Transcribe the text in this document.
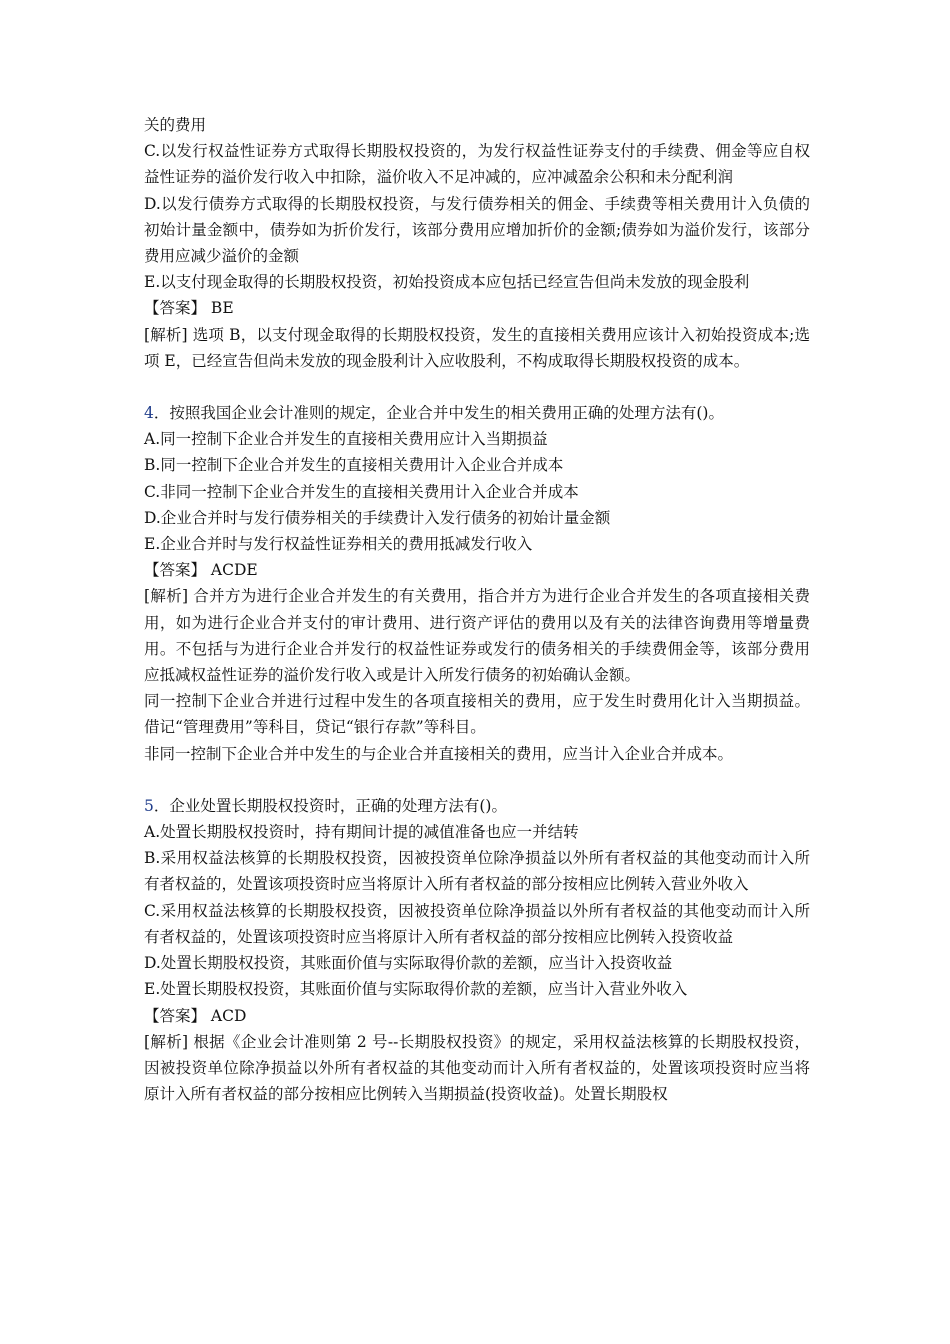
关的费用

C.以发行权益性证券方式取得长期股权投资的，为发行权益性证券支付的手续费、佣金等应自权益性证券的溢价发行收入中扣除，溢价收入不足冲减的，应冲减盈余公积和未分配利润

D.以发行债券方式取得的长期股权投资，与发行债券相关的佣金、手续费等相关费用计入负债的初始计量金额中，债券如为折价发行，该部分费用应增加折价的金额;债券如为溢价发行，该部分费用应减少溢价的金额

E.以支付现金取得的长期股权投资，初始投资成本应包括已经宣告但尚未发放的现金股利

【答案】 BE

[解析] 选项 B，以支付现金取得的长期股权投资，发生的直接相关费用应该计入初始投资成本;选项 E，已经宣告但尚未发放的现金股利计入应收股利，不构成取得长期股权投资的成本。

4．按照我国企业会计准则的规定，企业合并中发生的相关费用正确的处理方法有()。

A.同一控制下企业合并发生的直接相关费用应计入当期损益

B.同一控制下企业合并发生的直接相关费用计入企业合并成本

C.非同一控制下企业合并发生的直接相关费用计入企业合并成本

D.企业合并时与发行债券相关的手续费计入发行债务的初始计量金额

E.企业合并时与发行权益性证券相关的费用抵减发行收入

【答案】 ACDE

[解析] 合并方为进行企业合并发生的有关费用，指合并方为进行企业合并发生的各项直接相关费用，如为进行企业合并支付的审计费用、进行资产评估的费用以及有关的法律咨询费用等增量费用。不包括与为进行企业合并发行的权益性证券或发行的债务相关的手续费佣金等，该部分费用应抵减权益性证券的溢价发行收入或是计入所发行债务的初始确认金额。

同一控制下企业合并进行过程中发生的各项直接相关的费用，应于发生时费用化计入当期损益。借记“管理费用”等科目，贷记“银行存款”等科目。

非同一控制下企业合并中发生的与企业合并直接相关的费用，应当计入企业合并成本。

5．企业处置长期股权投资时，正确的处理方法有()。

A.处置长期股权投资时，持有期间计提的减值准备也应一并结转

B.采用权益法核算的长期股权投资，因被投资单位除净损益以外所有者权益的其他变动而计入所有者权益的，处置该项投资时应当将原计入所有者权益的部分按相应比例转入营业外收入

C.采用权益法核算的长期股权投资，因被投资单位除净损益以外所有者权益的其他变动而计入所有者权益的，处置该项投资时应当将原计入所有者权益的部分按相应比例转入投资收益

D.处置长期股权投资，其账面价值与实际取得价款的差额，应当计入投资收益

E.处置长期股权投资，其账面价值与实际取得价款的差额，应当计入营业外收入

【答案】 ACD

[解析] 根据《企业会计准则第 2 号--长期股权投资》的规定，采用权益法核算的长期股权投资，因被投资单位除净损益以外所有者权益的其他变动而计入所有者权益的，处置该项投资时应当将原计入所有者权益的部分按相应比例转入当期损益(投资收益)。处置长期股权
